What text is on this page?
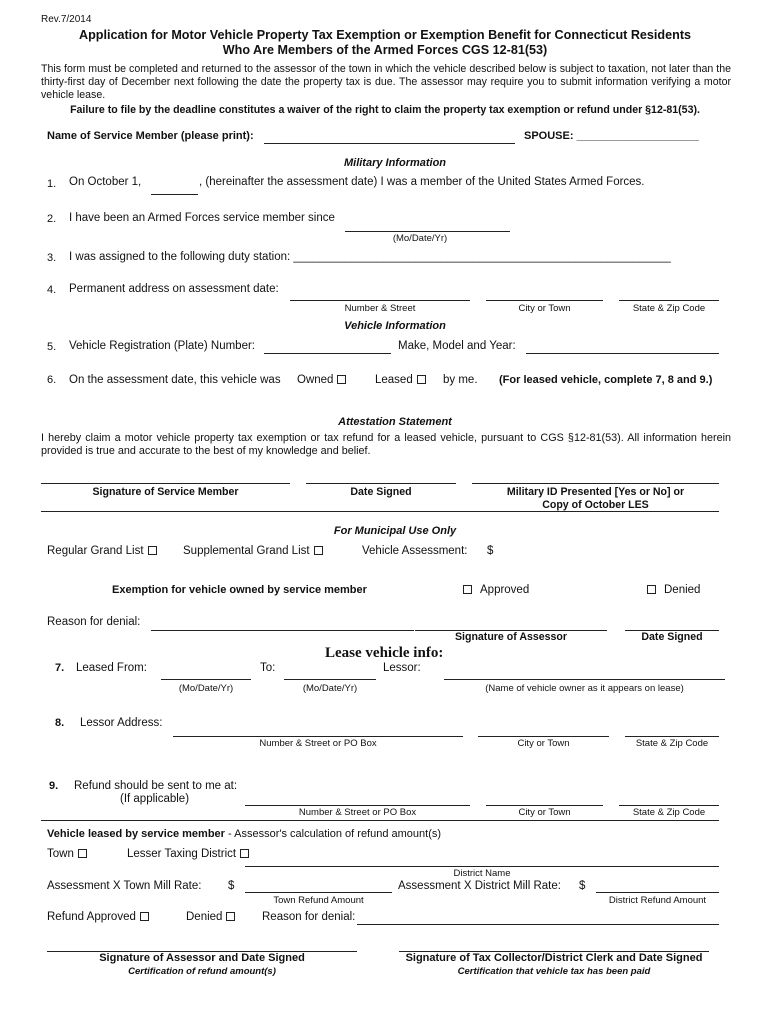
Rev.7/2014
Application for Motor Vehicle Property Tax Exemption or Exemption Benefit for Connecticut Residents
Who Are Members of the Armed Forces CGS 12-81(53)
This form must be completed and returned to the assessor of the town in which the vehicle described below is subject to taxation, not later than the thirty-first day of December next following the date the property tax is due. The assessor may require you to submit information verifying a motor vehicle lease.
Failure to file by the deadline constitutes a waiver of the right to claim the property tax exemption or refund under §12-81(53).
Name of Service Member (please print):	SPOUSE: ____________________
Military Information
1. On October 1,	, (hereinafter the assessment date) I was a member of the United States Armed Forces.
2. I have been an Armed Forces service member since
(Mo/Date/Yr)
3. I was assigned to the following duty station: ___________________________________________________________
4. Permanent address on assessment date:
Number & Street	City or Town	State & Zip Code
Vehicle Information
5. Vehicle Registration (Plate) Number:	Make, Model and Year:
6. On the assessment date, this vehicle was Owned	Leased	by me. (For leased vehicle, complete 7, 8 and 9.)
Attestation Statement
I hereby claim a motor vehicle property tax exemption or tax refund for a leased vehicle, pursuant to CGS §12-81(53). All information herein provided is true and accurate to the best of my knowledge and belief.
Signature of Service Member	Date Signed	Military ID Presented [Yes or No] or
Copy of October LES
For Municipal Use Only
Regular Grand List	Supplemental Grand List	Vehicle Assessment: $
Exemption for vehicle owned by service member	Approved	Denied
Reason for denial:
Signature of Assessor	Date Signed
Lease vehicle info:
7. Leased From:	To:	Lessor:
(Mo/Date/Yr)	(Mo/Date/Yr)	(Name of vehicle owner as it appears on lease)
8. Lessor Address:
Number & Street or PO Box	City or Town	State & Zip Code
9. Refund should be sent to me at:
(If applicable)
Number & Street or PO Box	City or Town	State & Zip Code
Vehicle leased by service member - Assessor's calculation of refund amount(s)
Town	Lesser Taxing District
District Name
Assessment X Town Mill Rate: $
Town Refund Amount
Assessment X District Mill Rate: $
District Refund Amount
Refund Approved	Denied	Reason for denial:
Signature of Assessor and Date Signed
Certification of refund amount(s)
Signature of Tax Collector/District Clerk and Date Signed
Certification that vehicle tax has been paid
